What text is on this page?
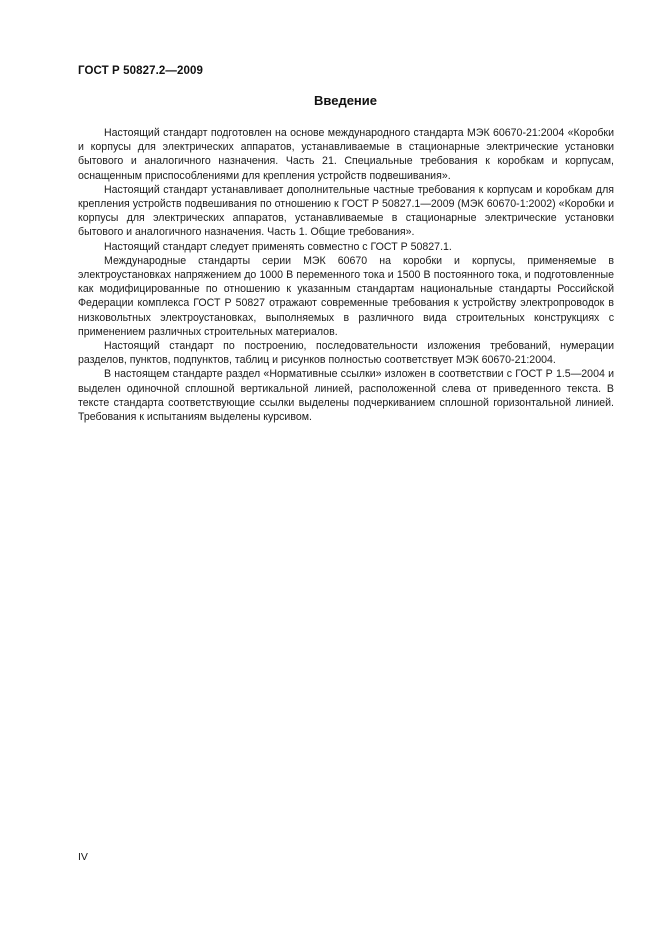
ГОСТ Р 50827.2—2009
Введение

Настоящий стандарт подготовлен на основе международного стандарта МЭК 60670-21:2004 «Коробки и корпусы для электрических аппаратов, устанавливаемые в стационарные электрические установки бытового и аналогичного назначения. Часть 21. Специальные требования к коробкам и корпусам, оснащенным приспособлениями для крепления устройств подвешивания».

Настоящий стандарт устанавливает дополнительные частные требования к корпусам и коробкам для крепления устройств подвешивания по отношению к ГОСТ Р 50827.1—2009 (МЭК 60670-1:2002) «Коробки и корпусы для электрических аппаратов, устанавливаемые в стационарные электрические установки бытового и аналогичного назначения. Часть 1. Общие требования».

Настоящий стандарт следует применять совместно с ГОСТ Р 50827.1.

Международные стандарты серии МЭК 60670 на коробки и корпусы, применяемые в электроустановках напряжением до 1000 В переменного тока и 1500 В постоянного тока, и подготовленные как модифицированные по отношению к указанным стандартам национальные стандарты Российской Федерации комплекса ГОСТ Р 50827 отражают современные требования к устройству электропроводок в низковольтных электроустановках, выполняемых в различного вида строительных конструкциях с применением различных строительных материалов.

Настоящий стандарт по построению, последовательности изложения требований, нумерации разделов, пунктов, подпунктов, таблиц и рисунков полностью соответствует МЭК 60670-21:2004.

В настоящем стандарте раздел «Нормативные ссылки» изложен в соответствии с ГОСТ Р 1.5—2004 и выделен одиночной сплошной вертикальной линией, расположенной слева от приведенного текста. В тексте стандарта соответствующие ссылки выделены подчеркиванием сплошной горизонтальной линией. Требования к испытаниям выделены курсивом.

IV
